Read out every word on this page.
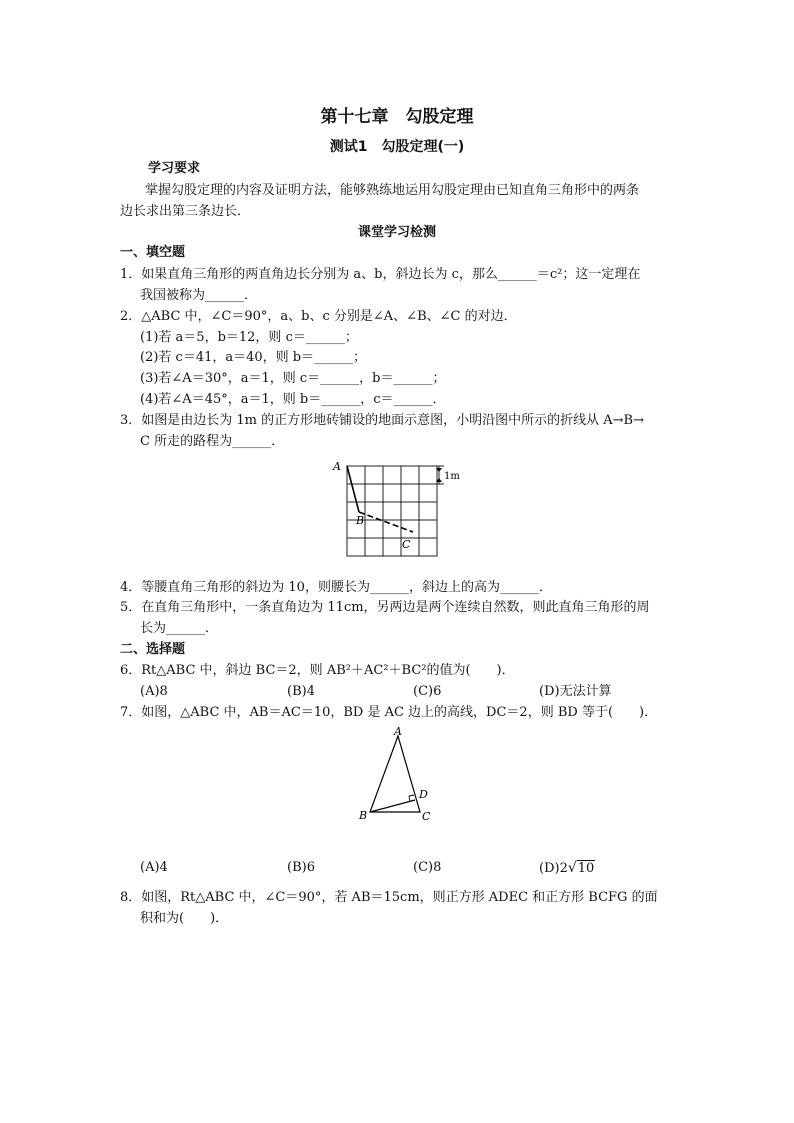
第十七章　勾股定理
测试1　勾股定理(一)
学习要求
掌握勾股定理的内容及证明方法，能够熟练地运用勾股定理由已知直角三角形中的两条
边长求出第三条边长．
课堂学习检测
一、填空题
1．如果直角三角形的两直角边长分别为 a、b，斜边长为 c，那么______＝c²；这一定理在
我国被称为______．
2．△ABC 中，∠C＝90°，a、b、c 分别是∠A、∠B、∠C 的对边．
(1)若 a＝5，b＝12，则 c＝______；
(2)若 c＝41，a＝40，则 b＝______；
(3)若∠A＝30°，a＝1，则 c＝______，b＝______；
(4)若∠A＝45°，a＝1，则 b＝______，c＝______．
3．如图是由边长为 1m 的正方形地砖铺设的地面示意图，小明沿图中所示的折线从 A→B→
C 所走的路程为______．
A
B
C
1m
4．等腰直角三角形的斜边为 10，则腰长为______，斜边上的高为______．
5．在直角三角形中，一条直角边为 11cm，另两边是两个连续自然数，则此直角三角形的周
长为______．
二、选择题
6．Rt△ABC 中，斜边 BC＝2，则 AB²＋AC²＋BC²的值为(　　)．
(A)8	(B)4	(C)6	(D)无法计算
7．如图，△ABC 中，AB＝AC＝10，BD 是 AC 边上的高线，DC＝2，则 BD 等于(　　)．
A
B	C
D
(A)4	(B)6	(C)8	(D)2√10
8．如图，Rt△ABC 中，∠C＝90°，若 AB＝15cm，则正方形 ADEC 和正方形 BCFG 的面
积和为(　　)．
